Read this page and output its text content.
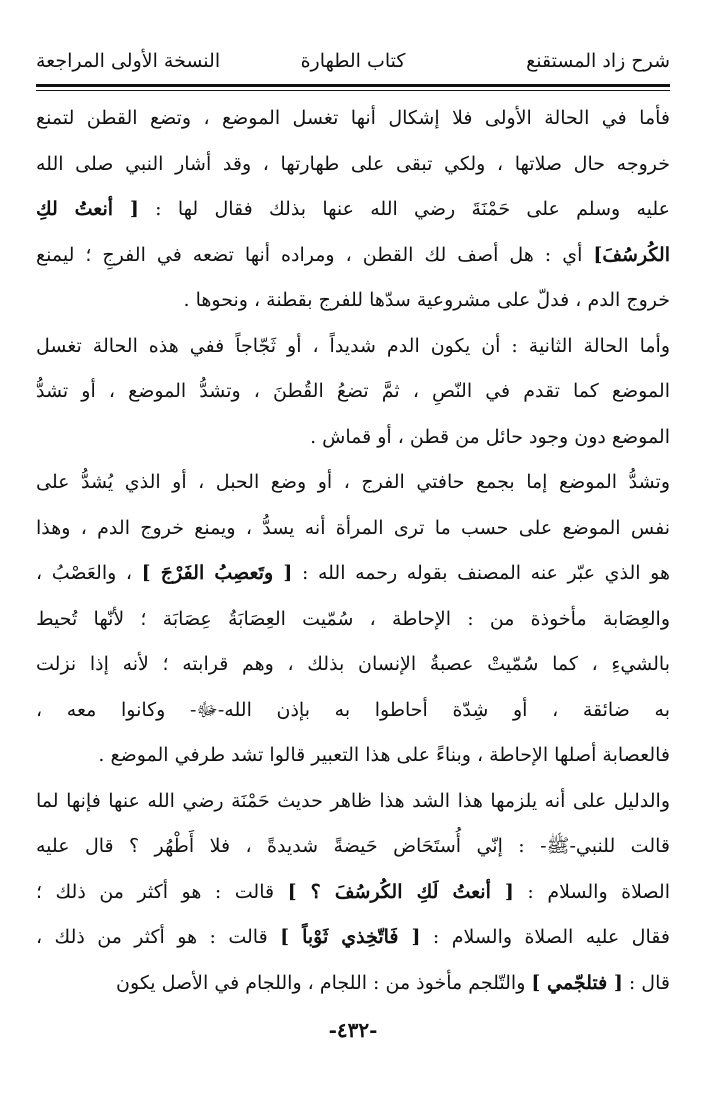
شرح زاد المستقنع
كتاب الطهارة
النسخة الأولى المراجعة
فأما في الحالة الأولى فلا إشكال أنها تغسل الموضع ، وتضع القطن لتمنع
خروجه حال صلاتها ، ولكي تبقى على طهارتها ، وقد أشار النبي صلى الله
عليه وسلم على حَمْنَةَ رضي الله عنها بذلك فقال لها : [ أنعتُ لكِ
الكُرسُفَ] أي : هل أصف لك القطن ، ومراده أنها تضعه في الفرجِ ؛ ليمنع
خروج الدم ، فدلّ على مشروعية سدّها للفرج بقطنة ، ونحوها .
وأما الحالة الثانية : أن يكون الدم شديداً ، أو ثَجّاجاً ففي هذه الحالة تغسل
الموضع كما تقدم في النّصِ ، ثمَّ تضعُ القُطنَ ، وتشدُّ الموضع ، أو تشدُّ
الموضع دون وجود حائل من قطن ، أو قماش .
وتشدُّ الموضع إما بجمع حافتي الفرج ، أو وضع الحبل ، أو الذي يُشدُّ على
نفس الموضع على حسب ما ترى المرأة أنه يسدُّ ، ويمنع خروج الدم ، وهذا
هو الذي عبّر عنه المصنف بقوله رحمه الله : [ وتَعصِبُ الفَرْجَ ] ، والعَصْبُ ،
والعِصَابة مأخوذة من : الإحاطة ، سُمّيت العِصَابَةُ عِصَابَة ؛ لأنّها تُحيط
بالشيءِ ، كما سُمّيتْ عصبةُ الإنسان بذلك ، وهم قرابته ؛ لأنه إذا نزلت
به ضائقة ، أو شِدّة أحاطوا به بإذن الله-ﷻ- وكانوا معه ،
فالعصابة أصلها الإحاطة ، وبناءً على هذا التعبير قالوا تشد طرفي الموضع .
والدليل على أنه يلزمها هذا الشد هذا ظاهر حديث حَمْنَة رضي الله عنها فإنها لما
قالت للنبي-ﷺ- : إنّي أُستَحَاض حَيضةً شديدةً ، فلا أَطْهُر ؟ قال عليه
الصلاة والسلام : [ أنعتُ لَكِ الكُرسُفَ ؟ ] قالت : هو أكثر من ذلك ؛
فقال عليه الصلاة والسلام : [ فَاتّخِذي ثَوْباً ] قالت : هو أكثر من ذلك ،
قال : [ فتلجّمي ] والتّلجم مأخوذ من : اللجام ، واللجام في الأصل يكون
-٤٣٢-
